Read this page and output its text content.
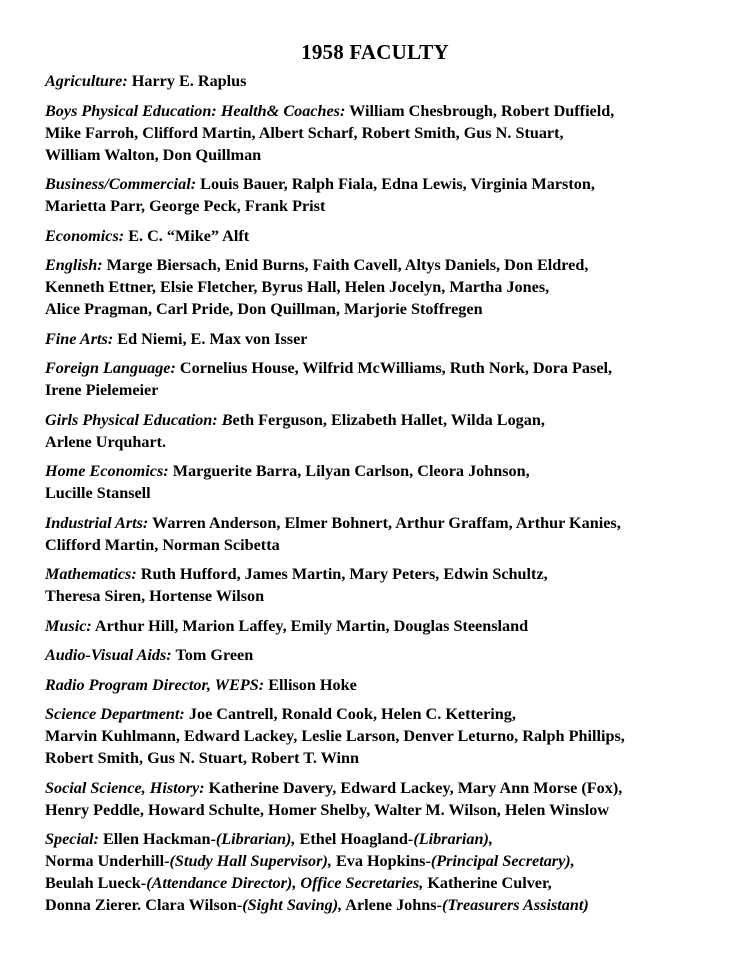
1958 FACULTY
Agriculture: Harry E. Raplus
Boys Physical Education: Health& Coaches: William Chesbrough, Robert Duffield,
Mike Farroh, Clifford Martin, Albert Scharf, Robert Smith, Gus N. Stuart,
William Walton, Don Quillman
Business/Commercial: Louis Bauer, Ralph Fiala, Edna Lewis, Virginia Marston,
Marietta Parr, George Peck, Frank Prist
Economics: E. C. “Mike” Alft
English: Marge Biersach, Enid Burns, Faith Cavell, Altys Daniels, Don Eldred,
Kenneth Ettner, Elsie Fletcher, Byrus Hall, Helen Jocelyn, Martha Jones,
Alice Pragman, Carl Pride, Don Quillman, Marjorie Stoffregen
Fine Arts: Ed Niemi, E. Max von Isser
Foreign Language: Cornelius House, Wilfrid McWilliams, Ruth Nork, Dora Pasel,
Irene Pielemeier
Girls Physical Education: Beth Ferguson, Elizabeth Hallet, Wilda Logan,
Arlene Urquhart.
Home Economics: Marguerite Barra, Lilyan Carlson, Cleora Johnson,
Lucille Stansell
Industrial Arts: Warren Anderson, Elmer Bohnert, Arthur Graffam, Arthur Kanies,
Clifford Martin, Norman Scibetta
Mathematics: Ruth Hufford, James Martin, Mary Peters, Edwin Schultz,
Theresa Siren, Hortense Wilson
Music: Arthur Hill, Marion Laffey, Emily Martin, Douglas Steensland
Audio-Visual Aids: Tom Green
Radio Program Director, WEPS: Ellison Hoke
Science Department: Joe Cantrell, Ronald Cook, Helen C. Kettering,
Marvin Kuhlmann, Edward Lackey, Leslie Larson, Denver Leturno, Ralph Phillips,
Robert Smith, Gus N. Stuart, Robert T. Winn
Social Science, History: Katherine Davery, Edward Lackey, Mary Ann Morse (Fox),
Henry Peddle, Howard Schulte, Homer Shelby, Walter M. Wilson, Helen Winslow
Special: Ellen Hackman-(Librarian), Ethel Hoagland-(Librarian),
Norma Underhill-(Study Hall Supervisor), Eva Hopkins-(Principal Secretary),
Beulah Lueck-(Attendance Director), Office Secretaries, Katherine Culver,
Donna Zierer. Clara Wilson-(Sight Saving), Arlene Johns-(Treasurers Assistant)
